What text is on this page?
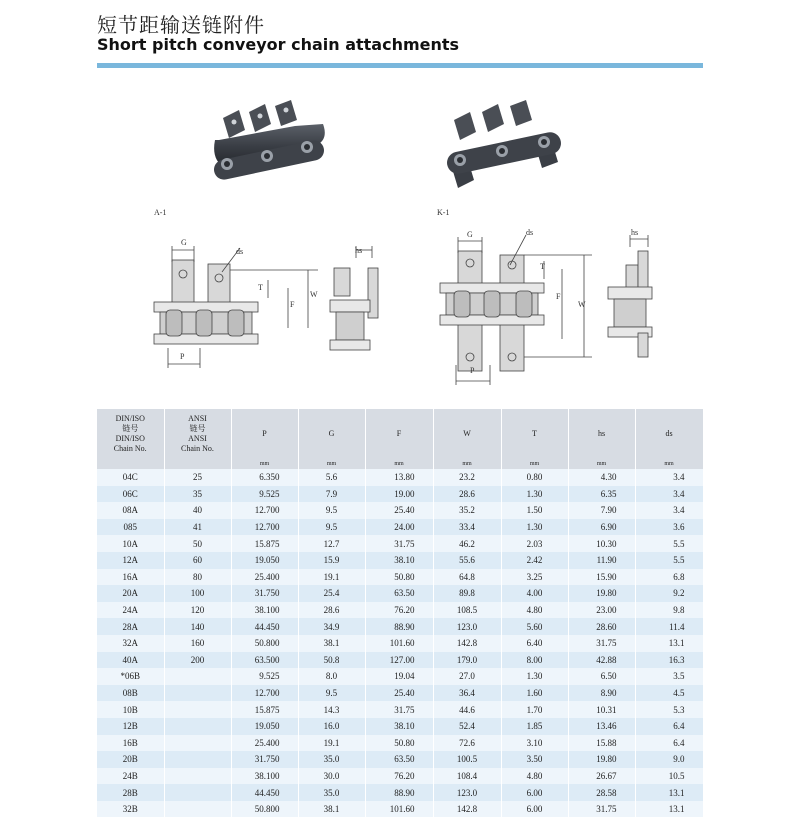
短节距输送链附件
Short pitch conveyor chain attachments
A-1	K-1
G
ds	hs
P
W
F
T
G	ds	hs
P
W
F
T
DIN/ISO
链号
DIN/ISO
Chain No.	ANSI
链号
ANSI
Chain No.	P	G	F	W	T	hs	ds
		mm	mm	mm	mm	mm	mm	mm
04C	25	6.350	5.6	13.80	23.2	0.80	4.30	3.4
06C	35	9.525	7.9	19.00	28.6	1.30	6.35	3.4
08A	40	12.700	9.5	25.40	35.2	1.50	7.90	3.4
085	41	12.700	9.5	24.00	33.4	1.30	6.90	3.6
10A	50	15.875	12.7	31.75	46.2	2.03	10.30	5.5
12A	60	19.050	15.9	38.10	55.6	2.42	11.90	5.5
16A	80	25.400	19.1	50.80	64.8	3.25	15.90	6.8
20A	100	31.750	25.4	63.50	89.8	4.00	19.80	9.2
24A	120	38.100	28.6	76.20	108.5	4.80	23.00	9.8
28A	140	44.450	34.9	88.90	123.0	5.60	28.60	11.4
32A	160	50.800	38.1	101.60	142.8	6.40	31.75	13.1
40A	200	63.500	50.8	127.00	179.0	8.00	42.88	16.3
*06B		9.525	8.0	19.04	27.0	1.30	6.50	3.5
08B		12.700	9.5	25.40	36.4	1.60	8.90	4.5
10B		15.875	14.3	31.75	44.6	1.70	10.31	5.3
12B		19.050	16.0	38.10	52.4	1.85	13.46	6.4
16B		25.400	19.1	50.80	72.6	3.10	15.88	6.4
20B		31.750	35.0	63.50	100.5	3.50	19.80	9.0
24B		38.100	30.0	76.20	108.4	4.80	26.67	10.5
28B		44.450	35.0	88.90	123.0	6.00	28.58	13.1
32B		50.800	38.1	101.60	142.8	6.00	31.75	13.1
